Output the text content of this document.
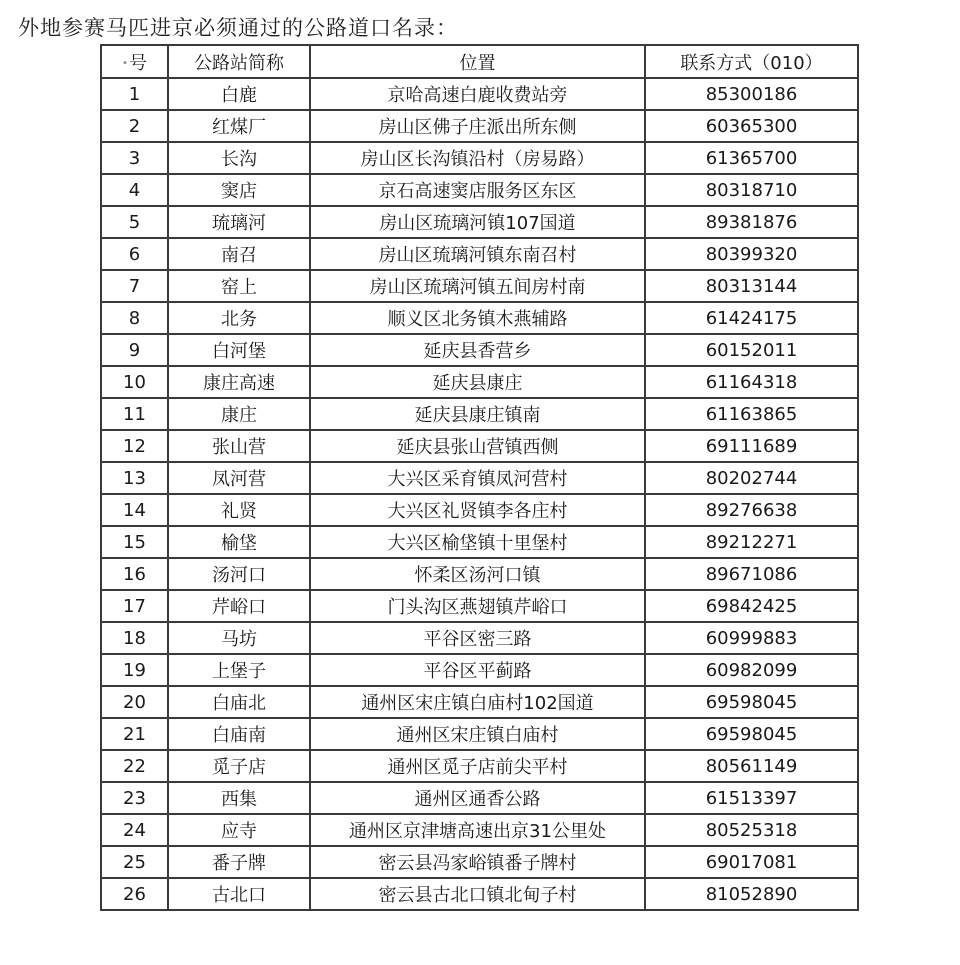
外地参赛马匹进京必须通过的公路道口名录：
•号	公路站简称	位置	联系方式（010）
1	白鹿	京哈高速白鹿收费站旁	85300186
2	红煤厂	房山区佛子庄派出所东侧	60365300
3	长沟	房山区长沟镇沿村（房易路）	61365700
4	窦店	京石高速窦店服务区东区	80318710
5	琉璃河	房山区琉璃河镇107国道	89381876
6	南召	房山区琉璃河镇东南召村	80399320
7	窑上	房山区琉璃河镇五间房村南	80313144
8	北务	顺义区北务镇木燕辅路	61424175
9	白河堡	延庆县香营乡	60152011
10	康庄高速	延庆县康庄	61164318
11	康庄	延庆县康庄镇南	61163865
12	张山营	延庆县张山营镇西侧	69111689
13	凤河营	大兴区采育镇凤河营村	80202744
14	礼贤	大兴区礼贤镇李各庄村	89276638
15	榆垡	大兴区榆垡镇十里堡村	89212271
16	汤河口	怀柔区汤河口镇	89671086
17	芹峪口	门头沟区燕翅镇芹峪口	69842425
18	马坊	平谷区密三路	60999883
19	上堡子	平谷区平蓟路	60982099
20	白庙北	通州区宋庄镇白庙村102国道	69598045
21	白庙南	通州区宋庄镇白庙村	69598045
22	觅子店	通州区觅子店前尖平村	80561149
23	西集	通州区通香公路	61513397
24	应寺	通州区京津塘高速出京31公里处	80525318
25	番子牌	密云县冯家峪镇番子牌村	69017081
26	古北口	密云县古北口镇北甸子村	81052890
